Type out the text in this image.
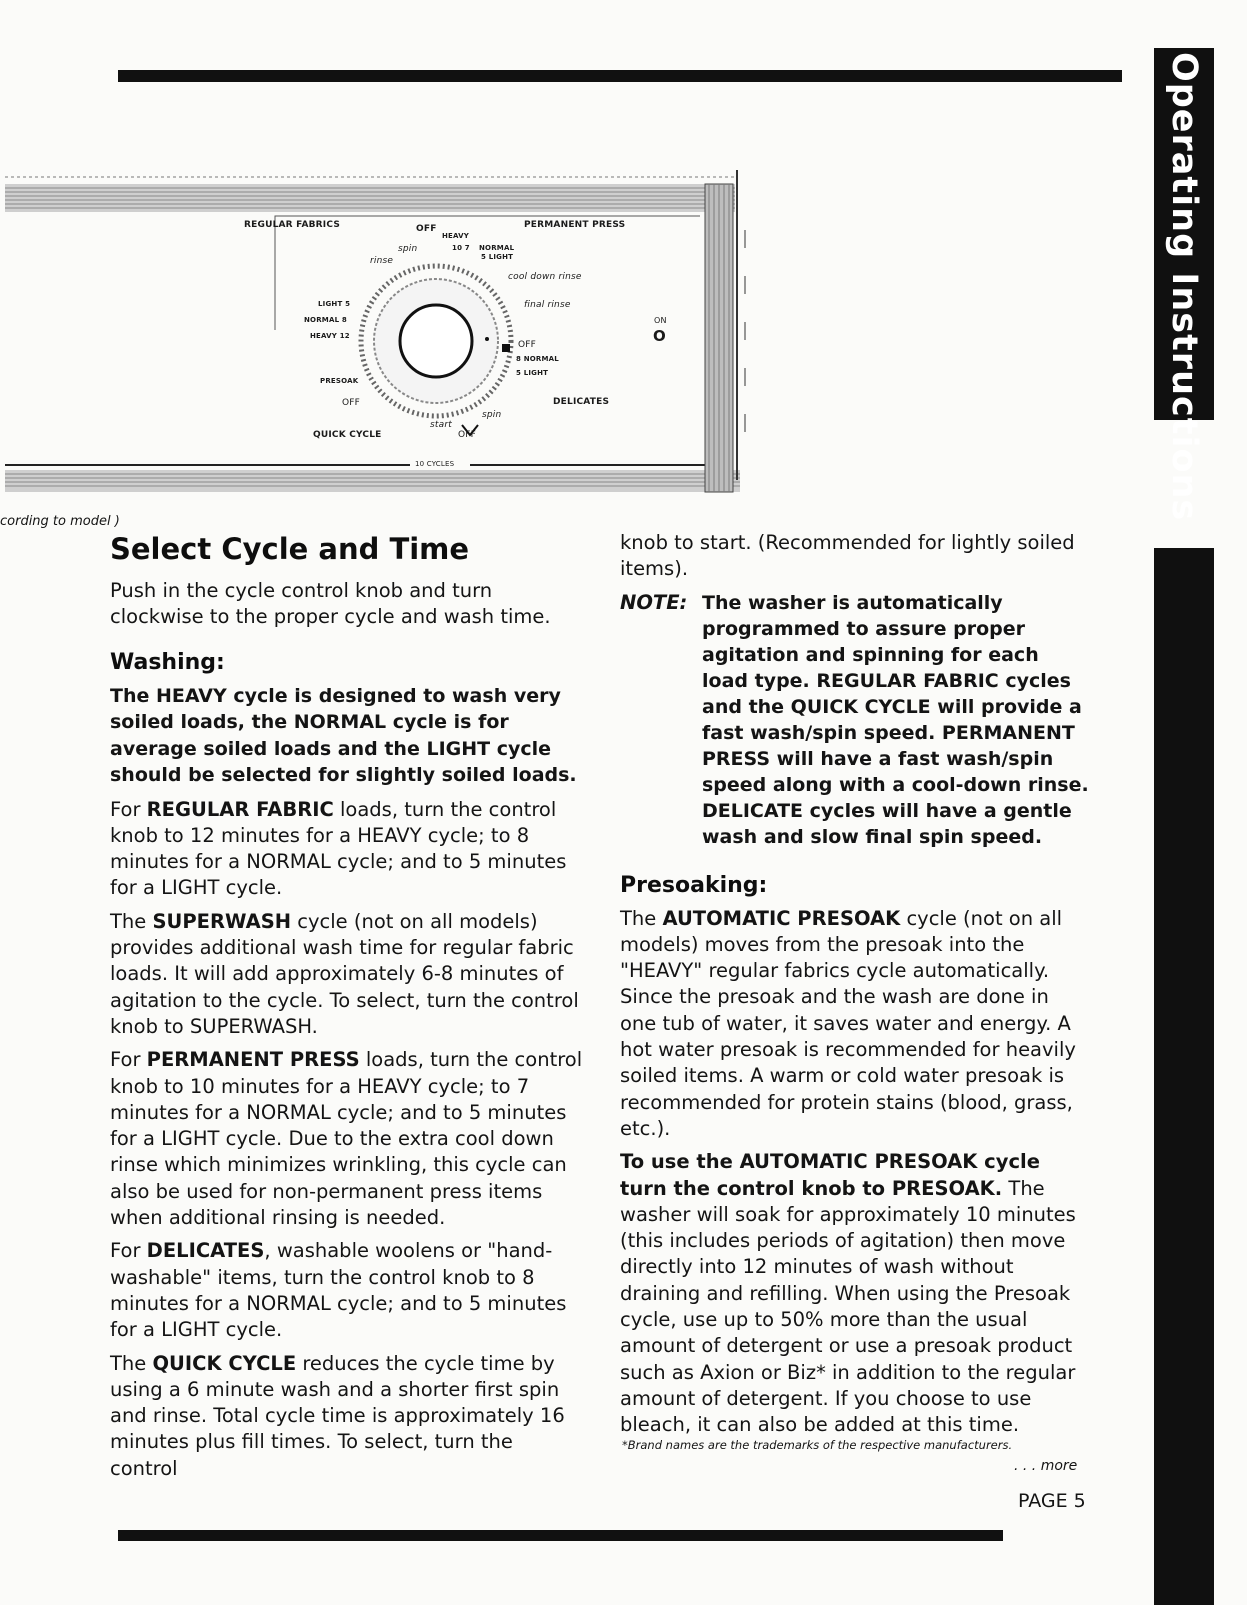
Operating Instructions
REGULAR FABRICS	PERMANENT PRESS
OFF
HEAVY
spin
rinse
10 7 NORMAL
5 LIGHT
cool down rinse
final rinse
OFF
8 NORMAL
5 LIGHT
DELICATES
LIGHT 5
NORMAL 8
HEAVY 12
PRESOAK
OFF
QUICK CYCLE
start
spin
OFF
ON
O
10 CYCLES
cording to model )
Select Cycle and Time

Push in the cycle control knob and turn clockwise to the proper cycle and wash time.

Washing:

The HEAVY cycle is designed to wash very soiled loads, the NORMAL cycle is for average soiled loads and the LIGHT cycle should be selected for slightly soiled loads.

For REGULAR FABRIC loads, turn the control knob to 12 minutes for a HEAVY cycle; to 8 minutes for a NORMAL cycle; and to 5 minutes for a LIGHT cycle.

The SUPERWASH cycle (not on all models) provides additional wash time for regular fabric loads. It will add approximately 6-8 minutes of agitation to the cycle. To select, turn the control knob to SUPERWASH.

For PERMANENT PRESS loads, turn the control knob to 10 minutes for a HEAVY cycle; to 7 minutes for a NORMAL cycle; and to 5 minutes for a LIGHT cycle. Due to the extra cool down rinse which minimizes wrinkling, this cycle can also be used for non-permanent press items when additional rinsing is needed.

For DELICATES, washable woolens or "hand-washable" items, turn the control knob to 8 minutes for a NORMAL cycle; and to 5 minutes for a LIGHT cycle.

The QUICK CYCLE reduces the cycle time by using a 6 minute wash and a shorter first spin and rinse. Total cycle time is approximately 16 minutes plus fill times. To select, turn the control

knob to start. (Recommended for lightly soiled items).

NOTE: The washer is automatically programmed to assure proper agitation and spinning for each load type. REGULAR FABRIC cycles and the QUICK CYCLE will provide a fast wash/spin speed. PERMANENT PRESS will have a fast wash/spin speed along with a cool-down rinse. DELICATE cycles will have a gentle wash and slow final spin speed.
Presoaking:

The AUTOMATIC PRESOAK cycle (not on all models) moves from the presoak into the "HEAVY" regular fabrics cycle automatically. Since the presoak and the wash are done in one tub of water, it saves water and energy. A hot water presoak is recommended for heavily soiled items. A warm or cold water presoak is recommended for protein stains (blood, grass, etc.).

To use the AUTOMATIC PRESOAK cycle turn the control knob to PRESOAK. The washer will soak for approximately 10 minutes (this includes periods of agitation) then move directly into 12 minutes of wash without draining and refilling. When using the Presoak cycle, use up to 50% more than the usual amount of detergent or use a presoak product such as Axion or Biz* in addition to the regular amount of detergent. If you choose to use bleach, it can also be added at this time.

*Brand names are the trademarks of the respective manufacturers.
. . . more
PAGE 5
